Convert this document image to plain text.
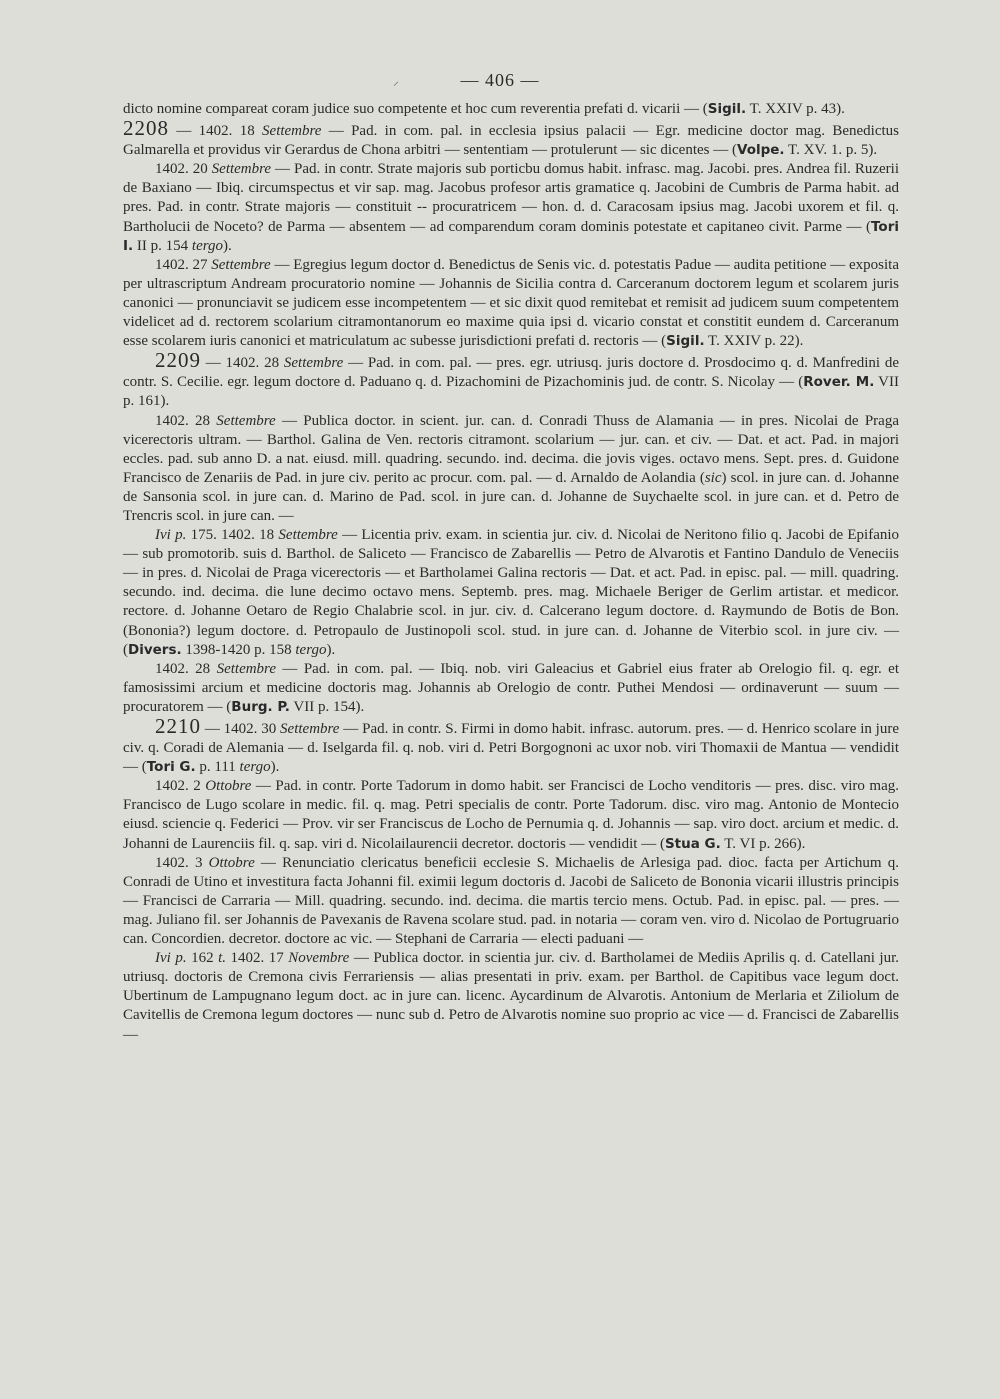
⸝	— 406 —

dicto nomine compareat coram judice suo competente et hoc cum reverentia prefati d. vicarii — (Sigil. T. XXIV p. 43).

2208 — 1402. 18 Settembre — Pad. in com. pal. in ecclesia ipsius palacii — Egr. medicine doctor mag. Benedictus Galmarella et providus vir Gerardus de Chona arbitri — sententiam — protulerunt — sic dicentes — (Volpe. T. XV. 1. p. 5).

1402. 20 Settembre — Pad. in contr. Strate majoris sub porticbu domus habit. infrasc. mag. Jacobi. pres. Andrea fil. Ruzerii de Baxiano — Ibiq. circumspectus et vir sap. mag. Jacobus profesor artis gramatice q. Jacobini de Cumbris de Parma habit. ad pres. Pad. in contr. Strate majoris — constituit -- procuratricem — hon. d. d. Caracosam ipsius mag. Jacobi uxorem et fil. q. Bartholucii de Noceto? de Parma — absentem — ad comparendum coram dominis potestate et capitaneo civit. Parme — (Tori I. II p. 154 tergo).

1402. 27 Settembre — Egregius legum doctor d. Benedictus de Senis vic. d. potestatis Padue — audita petitione — exposita per ultrascriptum Andream procuratorio nomine — Johannis de Sicilia contra d. Carceranum doctorem legum et scolarem juris canonici — pronunciavit se judicem esse incompetentem — et sic dixit quod remitebat et remisit ad judicem suum competentem videlicet ad d. rectorem scolarium citramontanorum eo maxime quia ipsi d. vicario constat et constitit eundem d. Carceranum esse scolarem iuris canonici et matriculatum ac subesse jurisdictioni prefati d. rectoris — (Sigil. T. XXIV p. 22).

2209 — 1402. 28 Settembre — Pad. in com. pal. — pres. egr. utriusq. juris doctore d. Prosdocimo q. d. Manfredini de contr. S. Cecilie. egr. legum doctore d. Paduano q. d. Pizachomini de Pizachominis jud. de contr. S. Nicolay — (Rover. M. VII p. 161).

1402. 28 Settembre — Publica doctor. in scient. jur. can. d. Conradi Thuss de Alamania — in pres. Nicolai de Praga vicerectoris ultram. — Barthol. Galina de Ven. rectoris citramont. scolarium — jur. can. et civ. — Dat. et act. Pad. in majori eccles. pad. sub anno D. a nat. eiusd. mill. quadring. secundo. ind. decima. die jovis viges. octavo mens. Sept. pres. d. Guidone Francisco de Zenariis de Pad. in jure civ. perito ac procur. com. pal. — d. Arnaldo de Aolandia (sic) scol. in jure can. d. Johanne de Sansonia scol. in jure can. d. Marino de Pad. scol. in jure can. d. Johanne de Suychaelte scol. in jure can. et d. Petro de Trencris scol. in jure can. —

Ivi p. 175. 1402. 18 Settembre — Licentia priv. exam. in scientia jur. civ. d. Nicolai de Neritono filio q. Jacobi de Epifanio — sub promotorib. suis d. Barthol. de Saliceto — Francisco de Zabarellis — Petro de Alvarotis et Fantino Dandulo de Veneciis — in pres. d. Nicolai de Praga vicerectoris — et Bartholamei Galina rectoris — Dat. et act. Pad. in episc. pal. — mill. quadring. secundo. ind. decima. die lune decimo octavo mens. Septemb. pres. mag. Michaele Beriger de Gerlim artistar. et medicor. rectore. d. Johanne Oetaro de Regio Chalabrie scol. in jur. civ. d. Calcerano legum doctore. d. Raymundo de Botis de Bon. (Bononia?) legum doctore. d. Petropaulo de Justinopoli scol. stud. in jure can. d. Johanne de Viterbio scol. in jure civ. — (Divers. 1398-1420 p. 158 tergo).

1402. 28 Settembre — Pad. in com. pal. — Ibiq. nob. viri Galeacius et Gabriel eius frater ab Orelogio fil. q. egr. et famosissimi arcium et medicine doctoris mag. Johannis ab Orelogio de contr. Puthei Mendosi — ordinaverunt — suum — procuratorem — (Burg. P. VII p. 154).

2210 — 1402. 30 Settembre — Pad. in contr. S. Firmi in domo habit. infrasc. autorum. pres. — d. Henrico scolare in jure civ. q. Coradi de Alemania — d. Iselgarda fil. q. nob. viri d. Petri Borgognoni ac uxor nob. viri Thomaxii de Mantua — vendidit — (Tori G. p. 111 tergo).

1402. 2 Ottobre — Pad. in contr. Porte Tadorum in domo habit. ser Francisci de Locho venditoris — pres. disc. viro mag. Francisco de Lugo scolare in medic. fil. q. mag. Petri specialis de contr. Porte Tadorum. disc. viro mag. Antonio de Montecio eiusd. sciencie q. Federici — Prov. vir ser Franciscus de Locho de Pernumia q. d. Johannis — sap. viro doct. arcium et medic. d. Johanni de Laurenciis fil. q. sap. viri d. Nicolailaurencii decretor. doctoris — vendidit — (Stua G. T. VI p. 266).

1402. 3 Ottobre — Renunciatio clericatus beneficii ecclesie S. Michaelis de Arlesiga pad. dioc. facta per Artichum q. Conradi de Utino et investitura facta Johanni fil. eximii legum doctoris d. Jacobi de Saliceto de Bononia vicarii illustris principis — Francisci de Carraria — Mill. quadring. secundo. ind. decima. die martis tercio mens. Octub. Pad. in episc. pal. — pres. — mag. Juliano fil. ser Johannis de Pavexanis de Ravena scolare stud. pad. in notaria — coram ven. viro d. Nicolao de Portugruario can. Concordien. decretor. doctore ac vic. — Stephani de Carraria — electi paduani —

Ivi p. 162 t. 1402. 17 Novembre — Publica doctor. in scientia jur. civ. d. Bartholamei de Mediis Aprilis q. d. Catellani jur. utriusq. doctoris de Cremona civis Ferrariensis — alias presentati in priv. exam. per Barthol. de Capitibus vace legum doct. Ubertinum de Lampugnano legum doct. ac in jure can. licenc. Aycardinum de Alvarotis. Antonium de Merlaria et Ziliolum de Cavitellis de Cremona legum doctores — nunc sub d. Petro de Alvarotis nomine suo proprio ac vice — d. Francisci de Zabarellis —
